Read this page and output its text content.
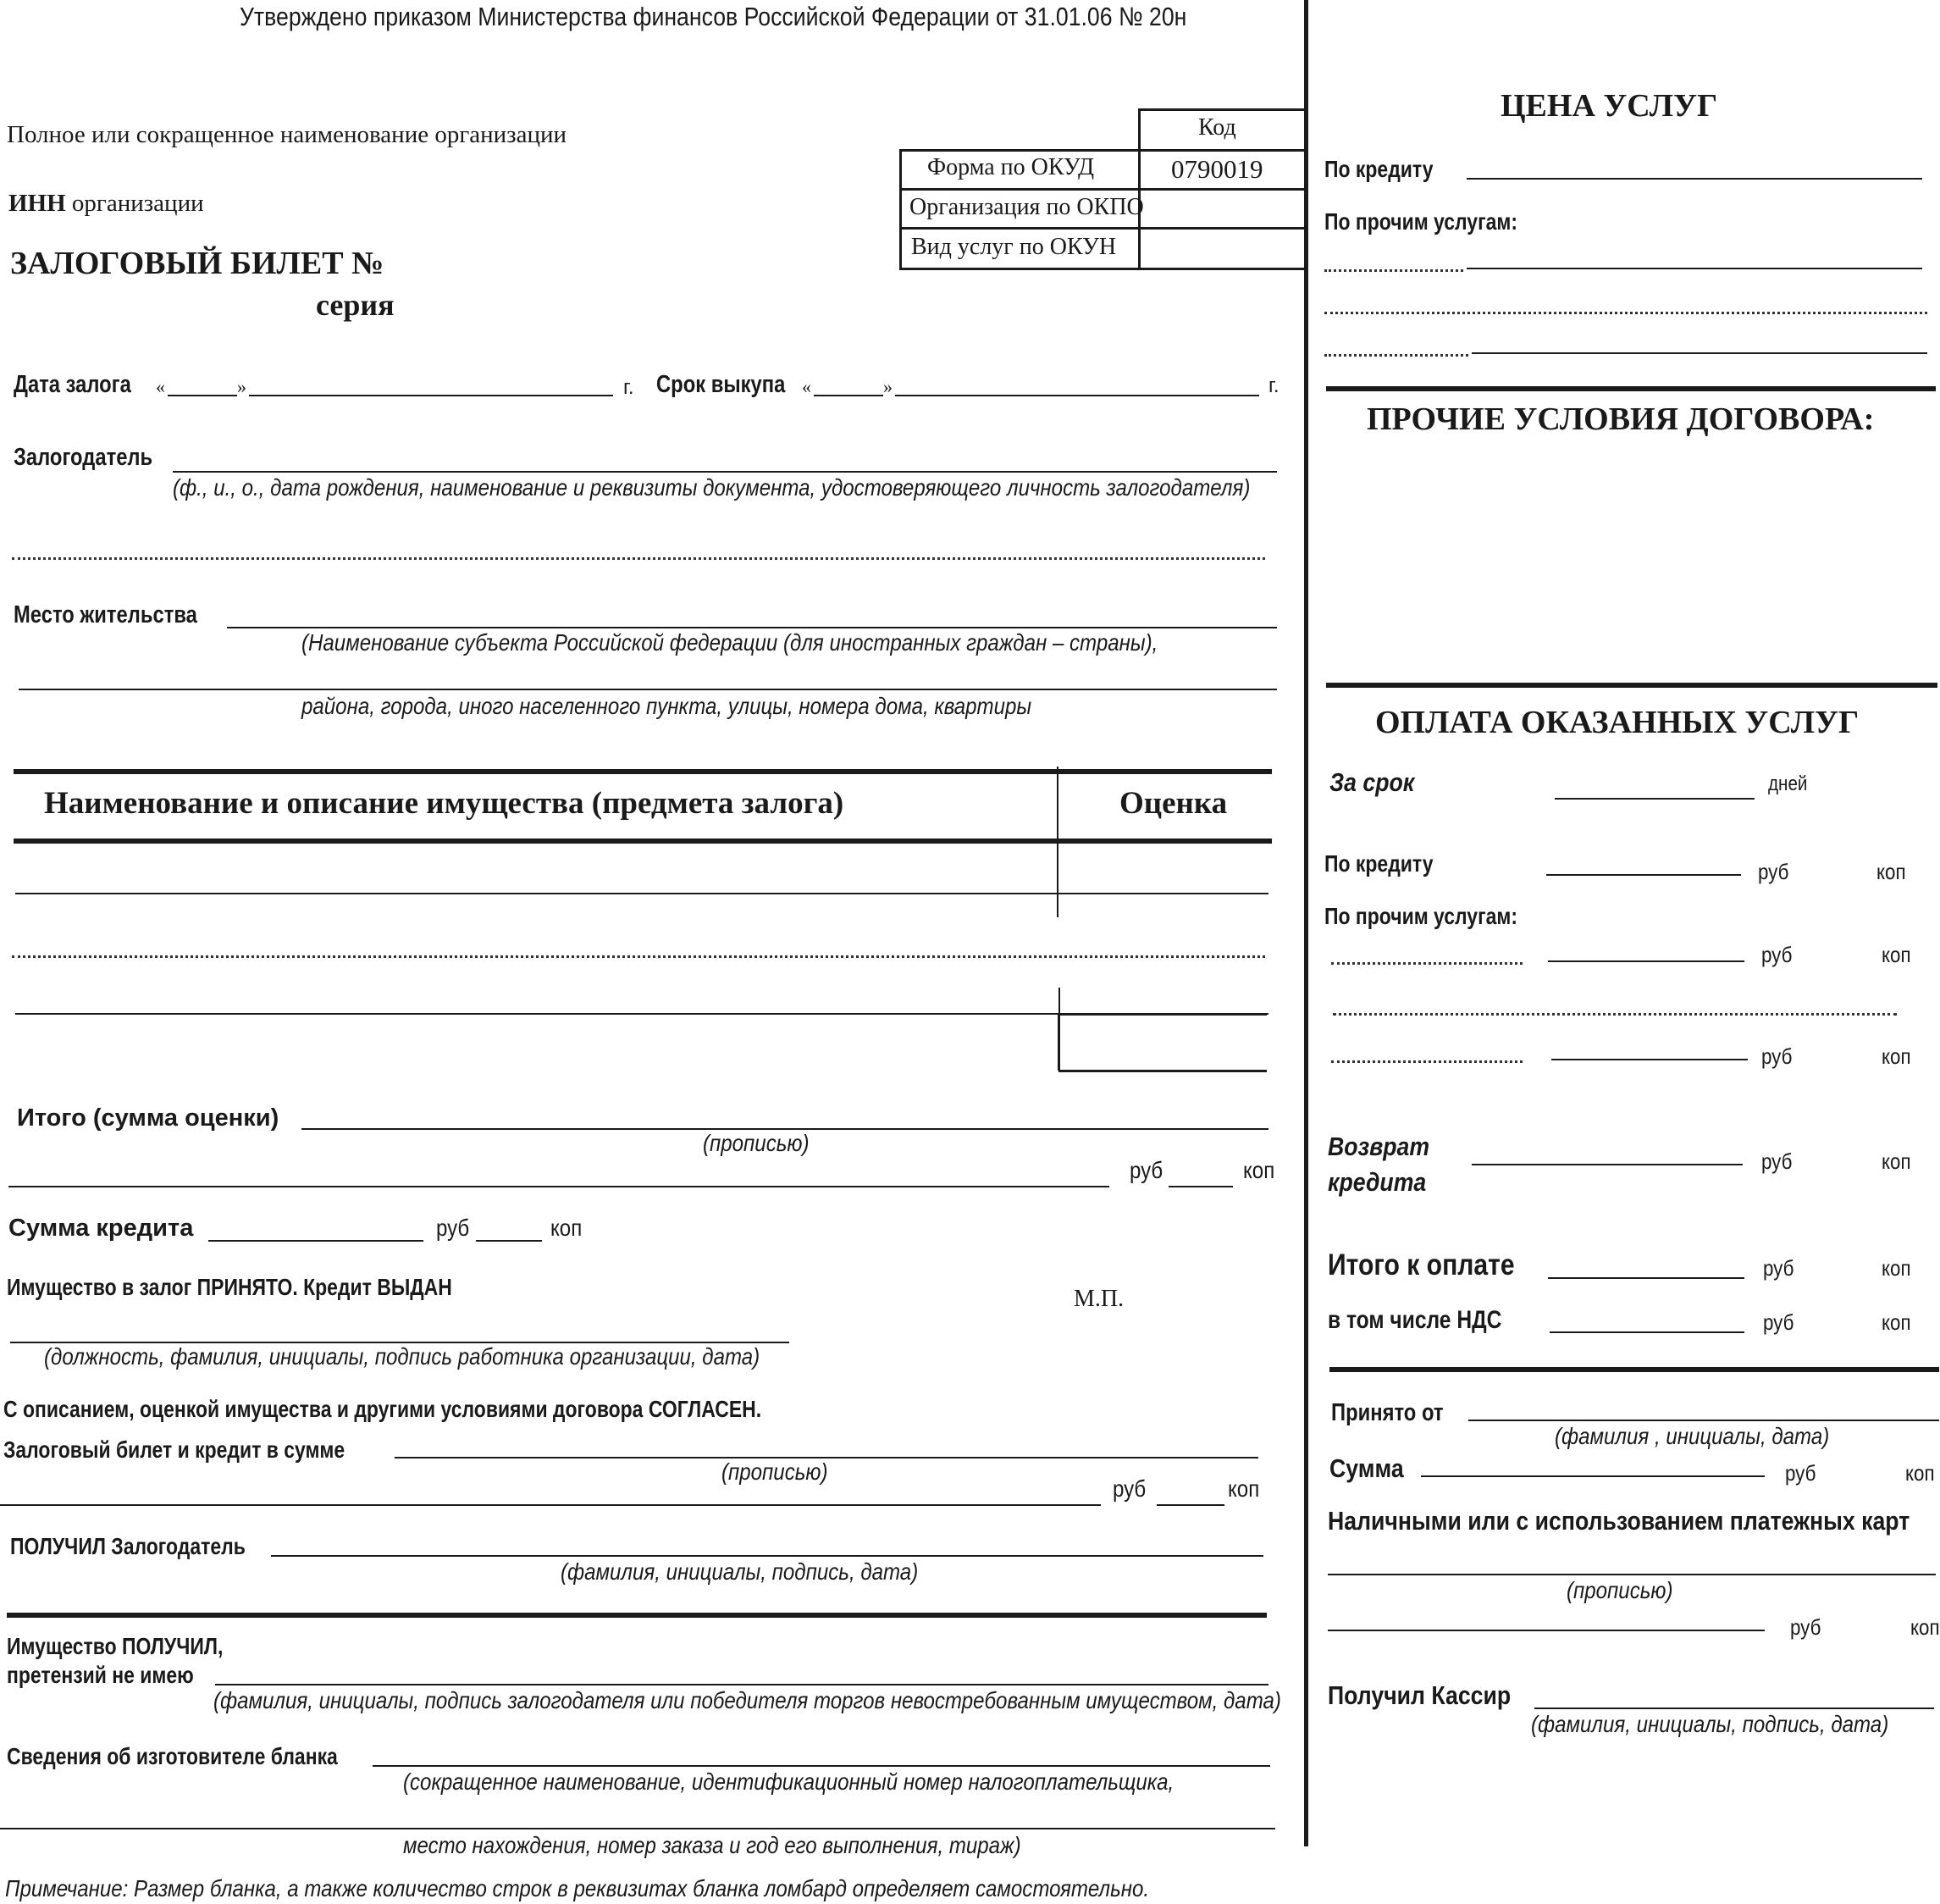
Утверждено приказом Министерства финансов Российской Федерации от 31.01.06 № 20н
Полное или сокращенное наименование организации
ИНН организации
ЗАЛОГОВЫЙ БИЛЕТ №
серия
Код
Форма по ОКУД	0790019
Организация по ОКПО
Вид услуг по ОКУН
Дата залога «	»	г. Срок выкупа «	»	г.
Залогодатель
(ф., и., о., дата рождения, наименование и реквизиты документа, удостоверяющего личность залогодателя)
Место жительства
(Наименование субъекта Российской федерации (для иностранных граждан – страны),
района, города, иного населенного пункта, улицы, номера дома, квартиры
Наименование и описание имущества (предмета залога)	Оценка
Итого (сумма оценки)
(прописью)
руб	коп
Сумма кредита	руб	коп
Имущество в залог ПРИНЯТО. Кредит ВЫДАН	М.П.
(должность, фамилия, инициалы, подпись работника организации, дата)
С описанием, оценкой имущества и другими условиями договора СОГЛАСЕН.
Залоговый билет и кредит в сумме
(прописью)
руб	коп
ПОЛУЧИЛ Залогодатель
(фамилия, инициалы, подпись, дата)
Имущество ПОЛУЧИЛ,
претензий не имею
(фамилия, инициалы, подпись залогодателя или победителя торгов невостребованным имуществом, дата)
Сведения об изготовителе бланка
(сокращенное наименование, идентификационный номер налогоплательщика,
место нахождения, номер заказа и год его выполнения, тираж)
Примечание: Размер бланка, а также количество строк в реквизитах бланка ломбард определяет самостоятельно.
ЦЕНА УСЛУГ
По кредиту
По прочим услугам:
ПРОЧИЕ УСЛОВИЯ ДОГОВОРА:
ОПЛАТА ОКАЗАННЫХ УСЛУГ
За срок	дней
По кредиту	руб	коп
По прочим услугам:
руб	коп
руб	коп
Возврат
кредита
руб	коп
Итого к оплате	руб	коп
в том числе НДС	руб	коп
Принято от
(фамилия , инициалы, дата)
Сумма	руб	коп
Наличными или с использованием платежных карт
(прописью)
руб	коп
Получил Кассир
(фамилия, инициалы, подпись, дата)
